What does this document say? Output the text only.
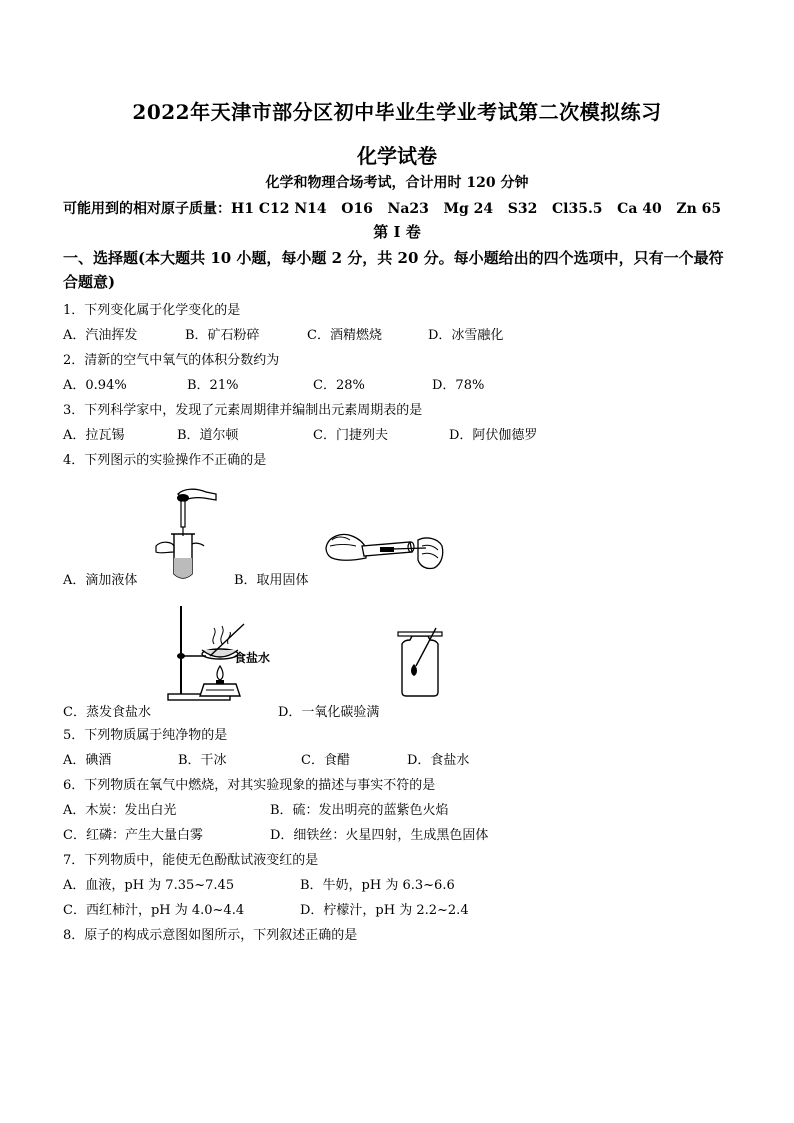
2022年天津市部分区初中毕业生学业考试第二次模拟练习
化学试卷
化学和物理合场考试，合计用时 120 分钟
可能用到的相对原子质量：H1 C12 N14   O16   Na23   Mg 24   S32   Cl35.5   Ca 40   Zn 65
第 I 卷
一、选择题(本大题共 10 小题，每小题 2 分，共 20 分。每小题给出的四个选项中，只有一个最符合题意)
1．下列变化属于化学变化的是
A．汽油挥发	B．矿石粉碎	C．酒精燃烧	D．冰雪融化
2．清新的空气中氧气的体积分数约为
A．0.94%	B．21%	C．28%	D．78%
3．下列科学家中，发现了元素周期律并编制出元素周期表的是
A．拉瓦锡	B．道尔顿	C．门捷列夫	D．阿伏伽德罗
4．下列图示的实验操作不正确的是
A．滴加液体	B．取用固体
食盐水
C．蒸发食盐水	D．一氧化碳验满
5．下列物质属于纯净物的是
A．碘酒	B．干冰	C．食醋	D．食盐水
6．下列物质在氧气中燃烧，对其实验现象的描述与事实不符的是
A．木炭：发出白光	B．硫：发出明亮的蓝紫色火焰
C．红磷：产生大量白雾	D．细铁丝：火星四射，生成黑色固体
7．下列物质中，能使无色酚酞试液变红的是
A．血液，pH 为 7.35~7.45	B．牛奶，pH 为 6.3~6.6
C．西红柿汁，pH 为 4.0~4.4	D．柠檬汁，pH 为 2.2~2.4
8．原子的构成示意图如图所示，下列叙述正确的是
